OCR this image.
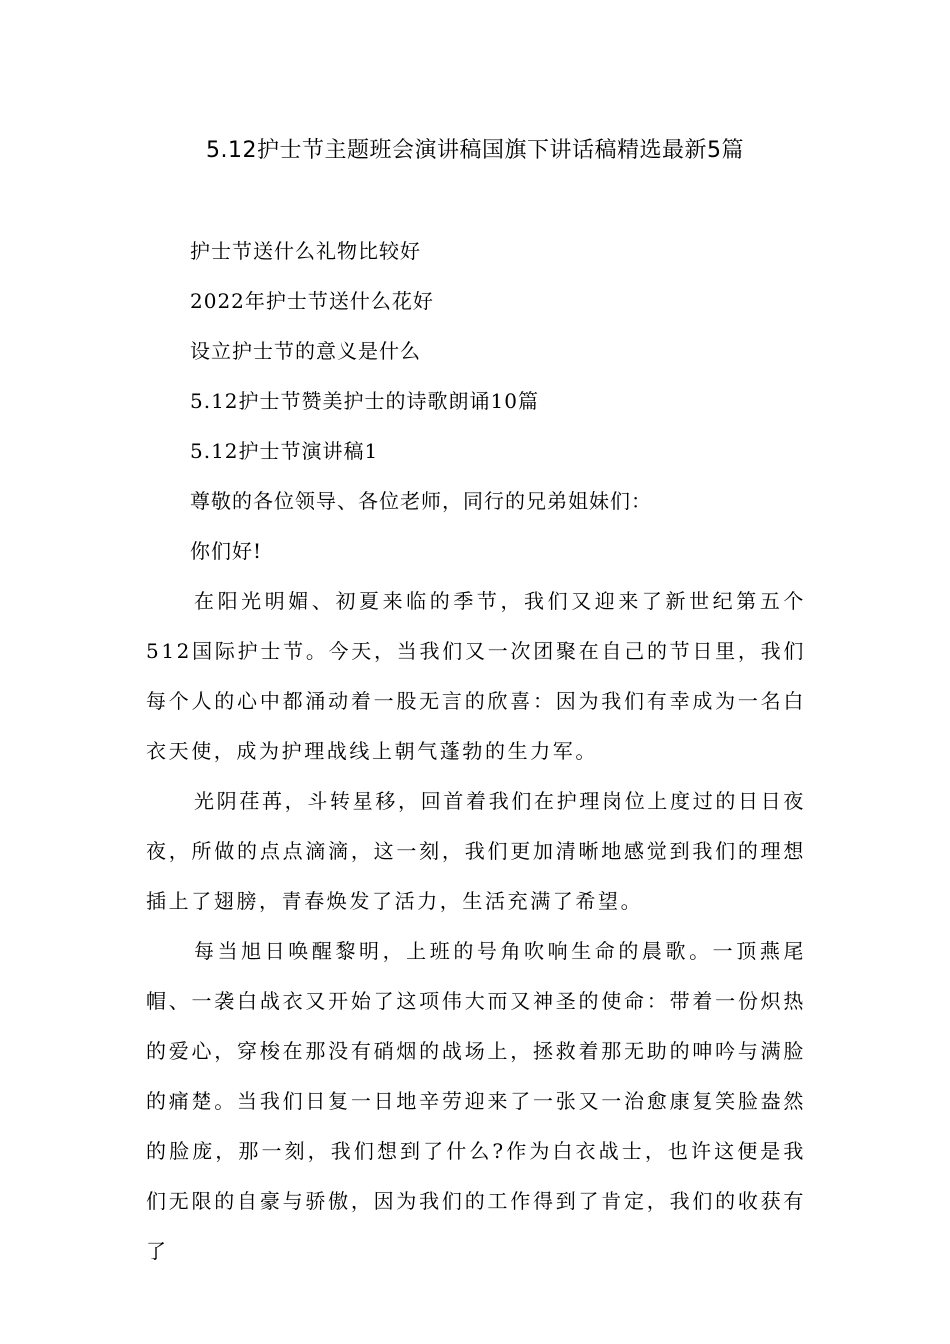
5.12护士节主题班会演讲稿国旗下讲话稿精选最新5篇
护士节送什么礼物比较好
2022年护士节送什么花好
设立护士节的意义是什么
5.12护士节赞美护士的诗歌朗诵10篇
5.12护士节演讲稿1
尊敬的各位领导、各位老师，同行的兄弟姐妹们：
你们好!

在阳光明媚、初夏来临的季节，我们又迎来了新世纪第五个512国际护士节。今天，当我们又一次团聚在自己的节日里，我们每个人的心中都涌动着一股无言的欣喜：因为我们有幸成为一名白衣天使，成为护理战线上朝气蓬勃的生力军。

光阴荏苒，斗转星移，回首着我们在护理岗位上度过的日日夜夜，所做的点点滴滴，这一刻，我们更加清晰地感觉到我们的理想插上了翅膀，青春焕发了活力，生活充满了希望。

每当旭日唤醒黎明，上班的号角吹响生命的晨歌。一顶燕尾帽、一袭白战衣又开始了这项伟大而又神圣的使命：带着一份炽热的爱心，穿梭在那没有硝烟的战场上，拯救着那无助的呻吟与满脸的痛楚。当我们日复一日地辛劳迎来了一张又一治愈康复笑脸盎然的脸庞，那一刻，我们想到了什么?作为白衣战士，也许这便是我们无限的自豪与骄傲，因为我们的工作得到了肯定，我们的收获有了
